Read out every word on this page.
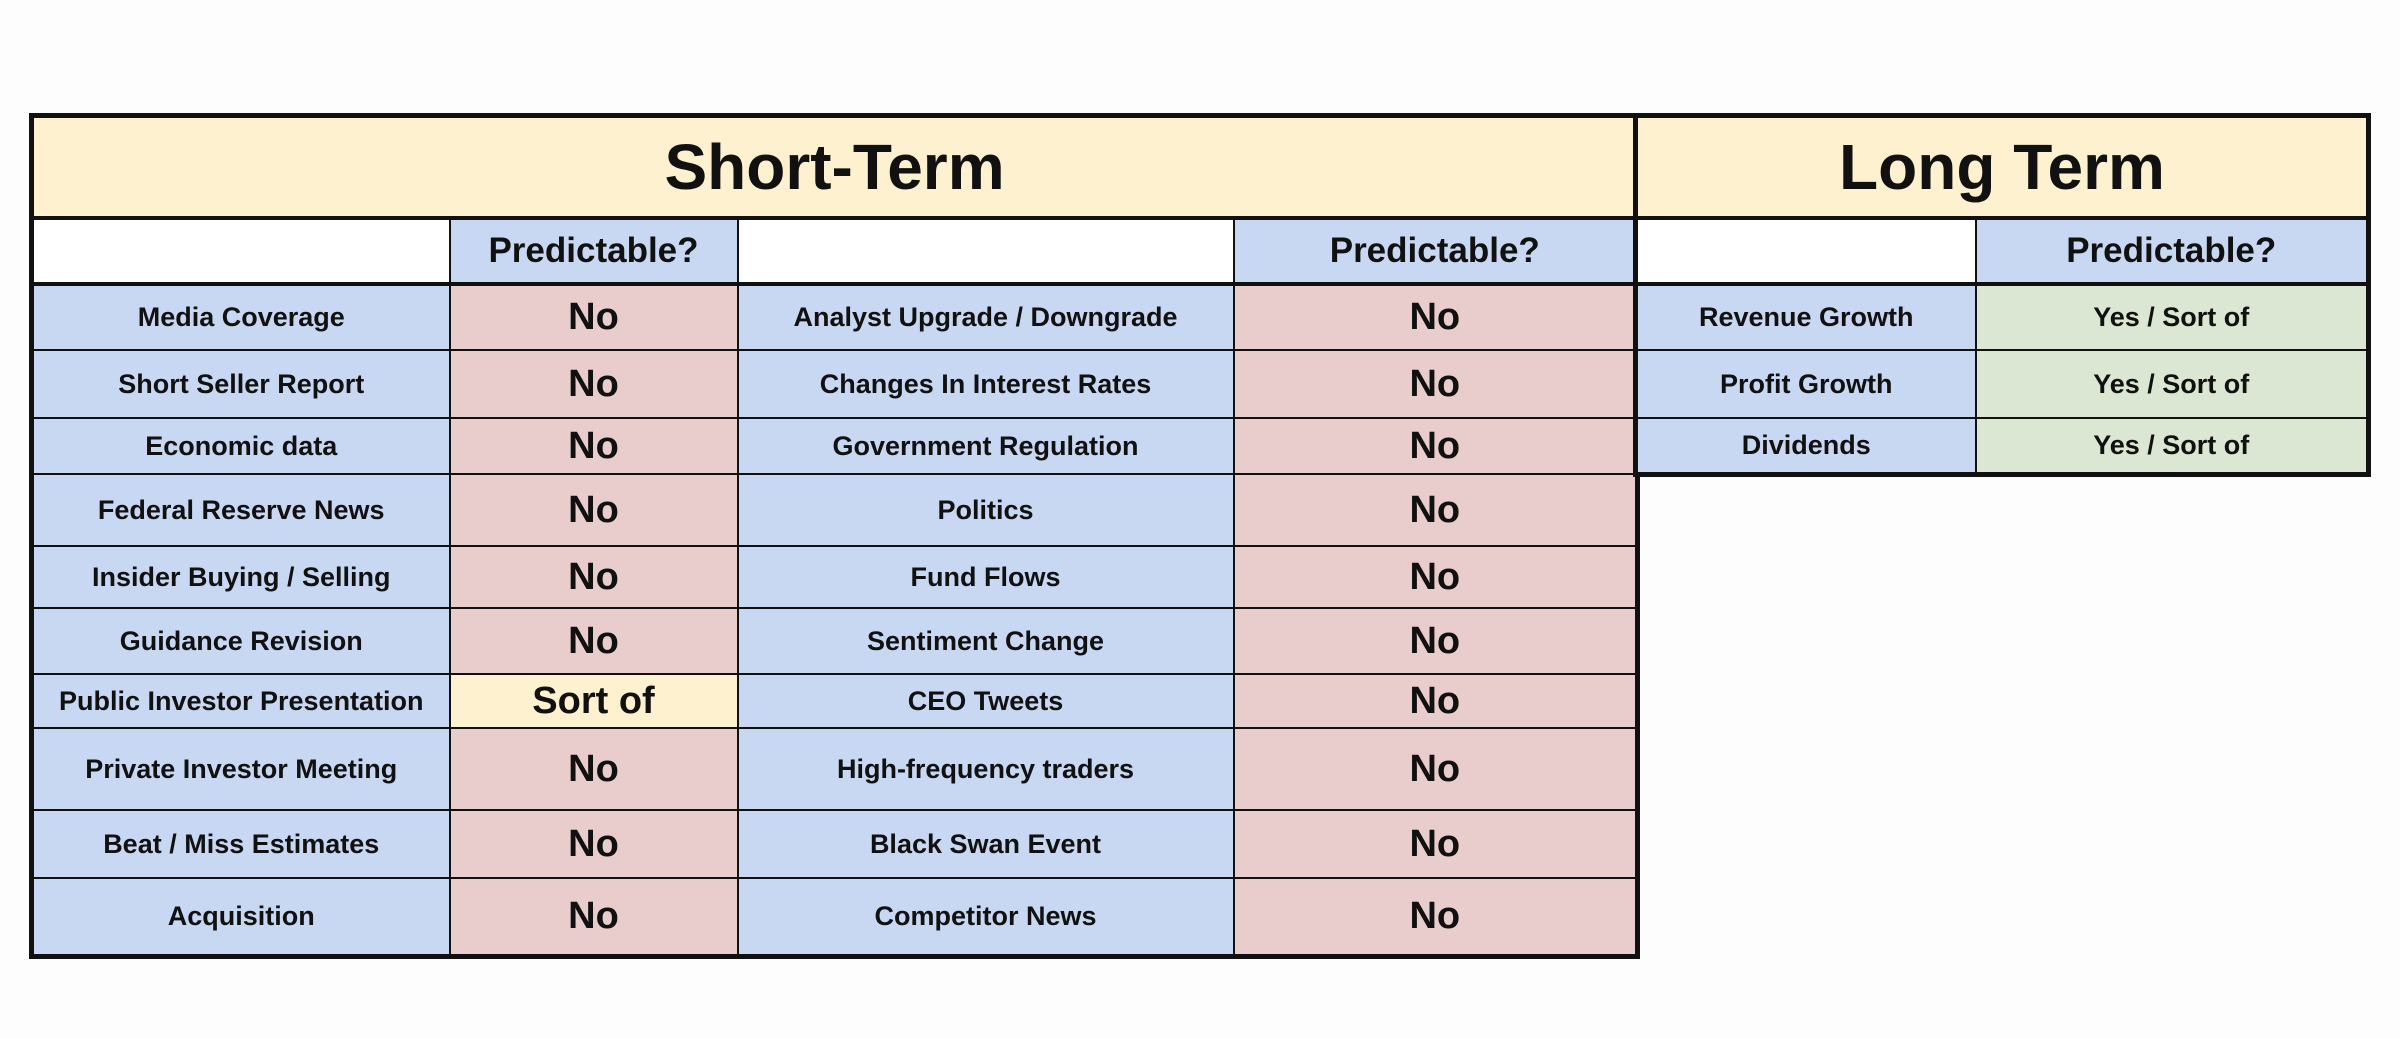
Short-Term			
	Predictable?		Predictable?
Media Coverage	No	Analyst Upgrade / Downgrade	No
Short Seller Report	No	Changes In Interest Rates	No
Economic data	No	Government Regulation	No
Federal Reserve News	No	Politics	No
Insider Buying / Selling	No	Fund Flows	No
Guidance Revision	No	Sentiment Change	No
Public Investor Presentation	Sort of	CEO Tweets	No
Private Investor Meeting	No	High-frequency traders	No
Beat / Miss Estimates	No	Black Swan Event	No
Acquisition	No	Competitor News	No
Long Term	
	Predictable?
Revenue Growth	Yes / Sort of
Profit Growth	Yes / Sort of
Dividends	Yes / Sort of
